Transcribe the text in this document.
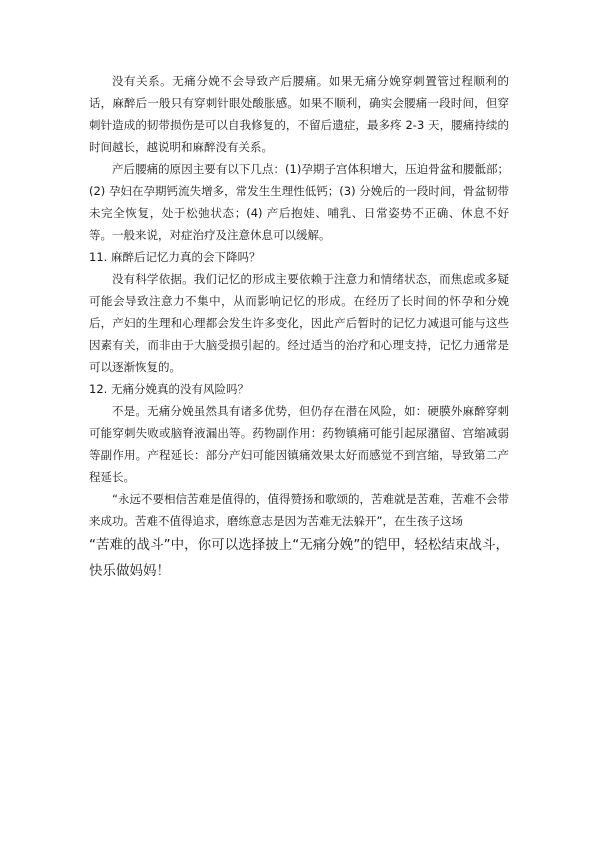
没有关系。无痛分娩不会导致产后腰痛。如果无痛分娩穿刺置管过程顺利的话，麻醉后一般只有穿刺针眼处酸胀感。如果不顺利，确实会腰痛一段时间，但穿刺针造成的韧带损伤是可以自我修复的，不留后遗症，最多疼 2-3 天，腰痛持续的时间越长，越说明和麻醉没有关系。

产后腰痛的原因主要有以下几点：(1)孕期子宫体积增大，压迫骨盆和腰骶部；(2) 孕妇在孕期钙流失增多，常发生生理性低钙；(3) 分娩后的一段时间，骨盆韧带未完全恢复，处于松弛状态；(4) 产后抱娃、哺乳、日常姿势不正确、休息不好等。一般来说，对症治疗及注意休息可以缓解。

11. 麻醉后记忆力真的会下降吗？

没有科学依据。我们记忆的形成主要依赖于注意力和情绪状态，而焦虑或多疑可能会导致注意力不集中，从而影响记忆的形成。在经历了长时间的怀孕和分娩后，产妇的生理和心理都会发生许多变化，因此产后暂时的记忆力减退可能与这些因素有关，而非由于大脑受损引起的。经过适当的治疗和心理支持，记忆力通常是可以逐渐恢复的。

12. 无痛分娩真的没有风险吗？

不是。无痛分娩虽然具有诸多优势，但仍存在潜在风险，如：硬膜外麻醉穿刺可能穿刺失败或脑脊液漏出等。药物副作用：药物镇痛可能引起尿潴留、宫缩减弱等副作用。产程延长：部分产妇可能因镇痛效果太好而感觉不到宫缩，导致第二产程延长。

“永远不要相信苦难是值得的，值得赞扬和歌颂的，苦难就是苦难，苦难不会带来成功。苦难不值得追求，磨练意志是因为苦难无法躲开”，在生孩子这场

“苦难的战斗”中，你可以选择披上“无痛分娩”的铠甲，轻松结束战斗，快乐做妈妈！
